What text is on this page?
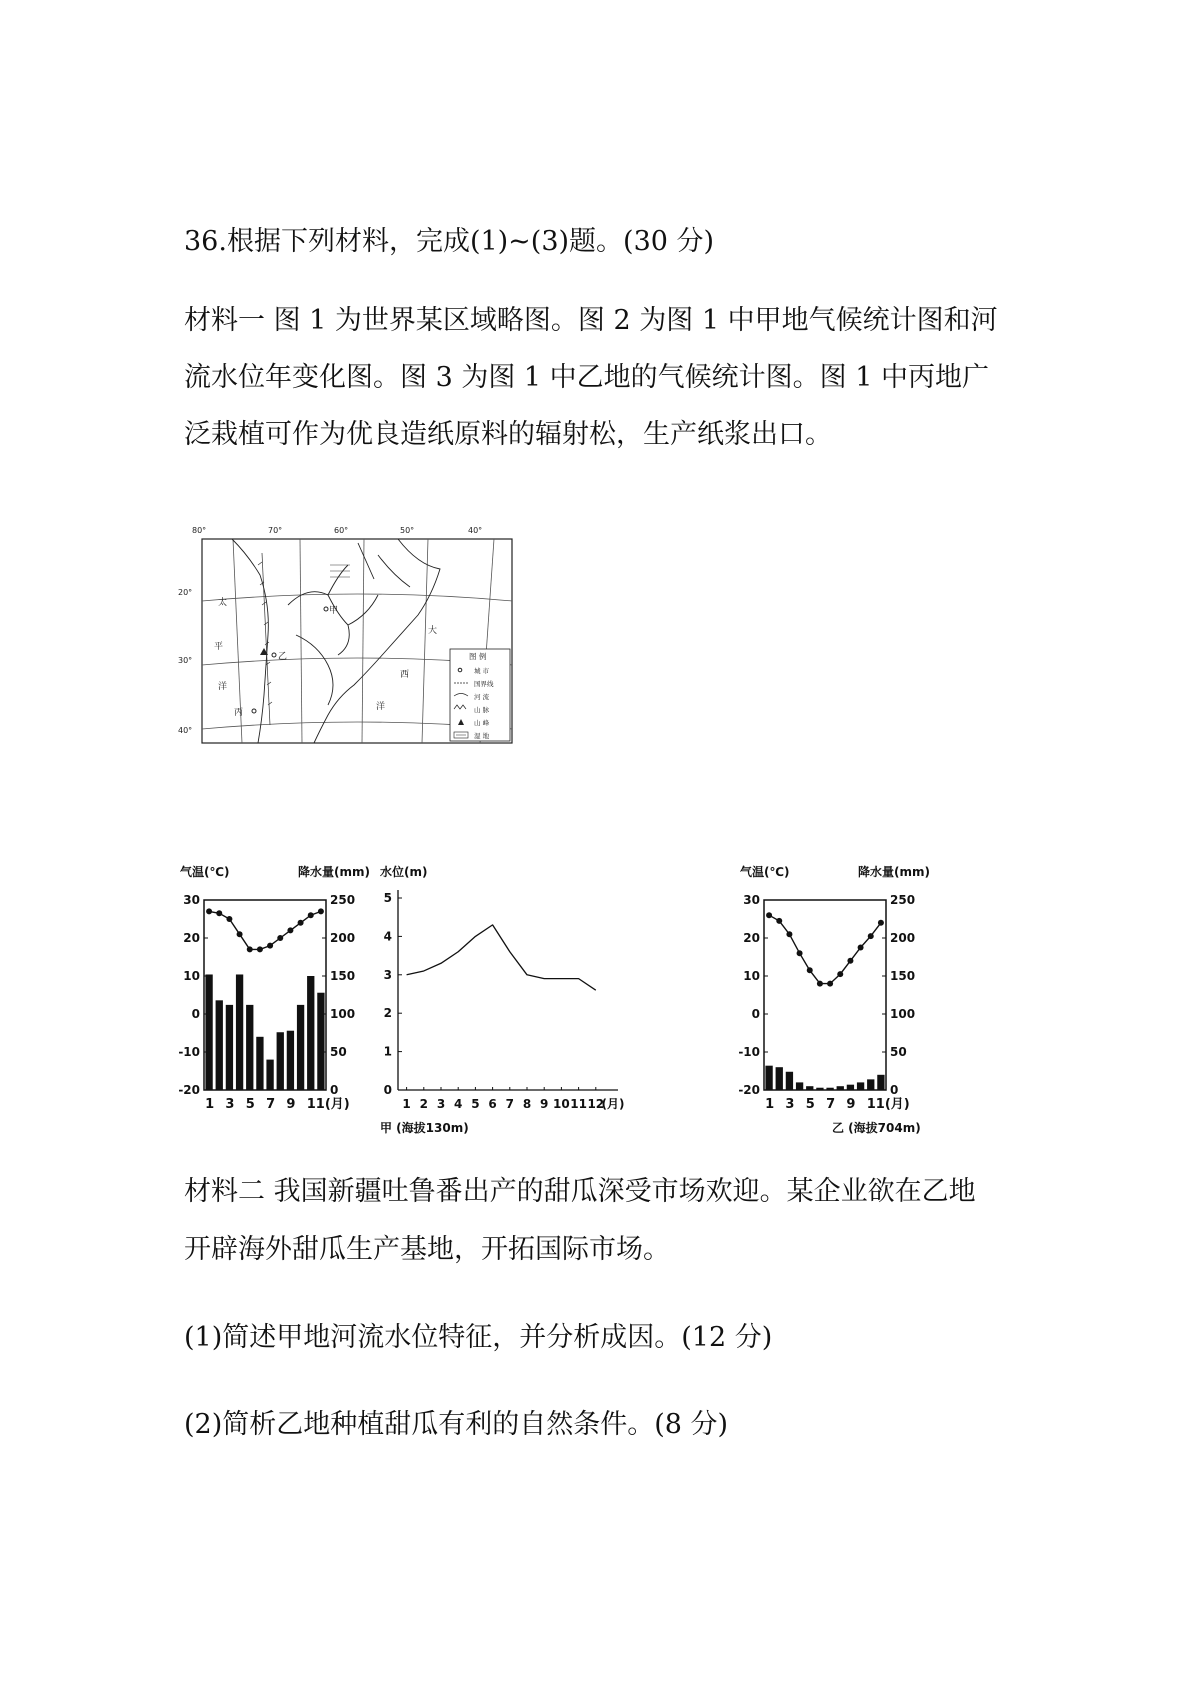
36.根据下列材料，完成(1)~(3)题。(30 分)
材料一 图 1 为世界某区域略图。图 2 为图 1 中甲地气候统计图和河
流水位年变化图。图 3 为图 1 中乙地的气候统计图。图 1 中丙地广
泛栽植可作为优良造纸原料的辐射松，生产纸浆出口。
材料二 我国新疆吐鲁番出产的甜瓜深受市场欢迎。某企业欲在乙地
开辟海外甜瓜生产基地，开拓国际市场。
(1)简述甲地河流水位特征，并分析成因。(12 分)
(2)简析乙地种植甜瓜有利的自然条件。(8 分)
80°	70°	60°	50°	40°
20°
30°
40°
甲
乙
丙
太
平
洋
大
西
洋
图 例
城 市
国界线
河 流
山 脉
山 峰
湿 地
气温(℃)	降水量(mm)
30
20
10
0
-10
-20
250
200
150
100
50
0
1 3 5 7 9 11(月)
水位(m)
0
1
2
3
4
5
1 2 3 4 5 6 7 8 9 10 11 12
(月)
甲 (海拔130m)
气温(℃)	降水量(mm)
30
20
10
0
-10
-20
250
200
150
100
50
0
1 3 5 7 9 11(月)
乙 (海拔704m)
